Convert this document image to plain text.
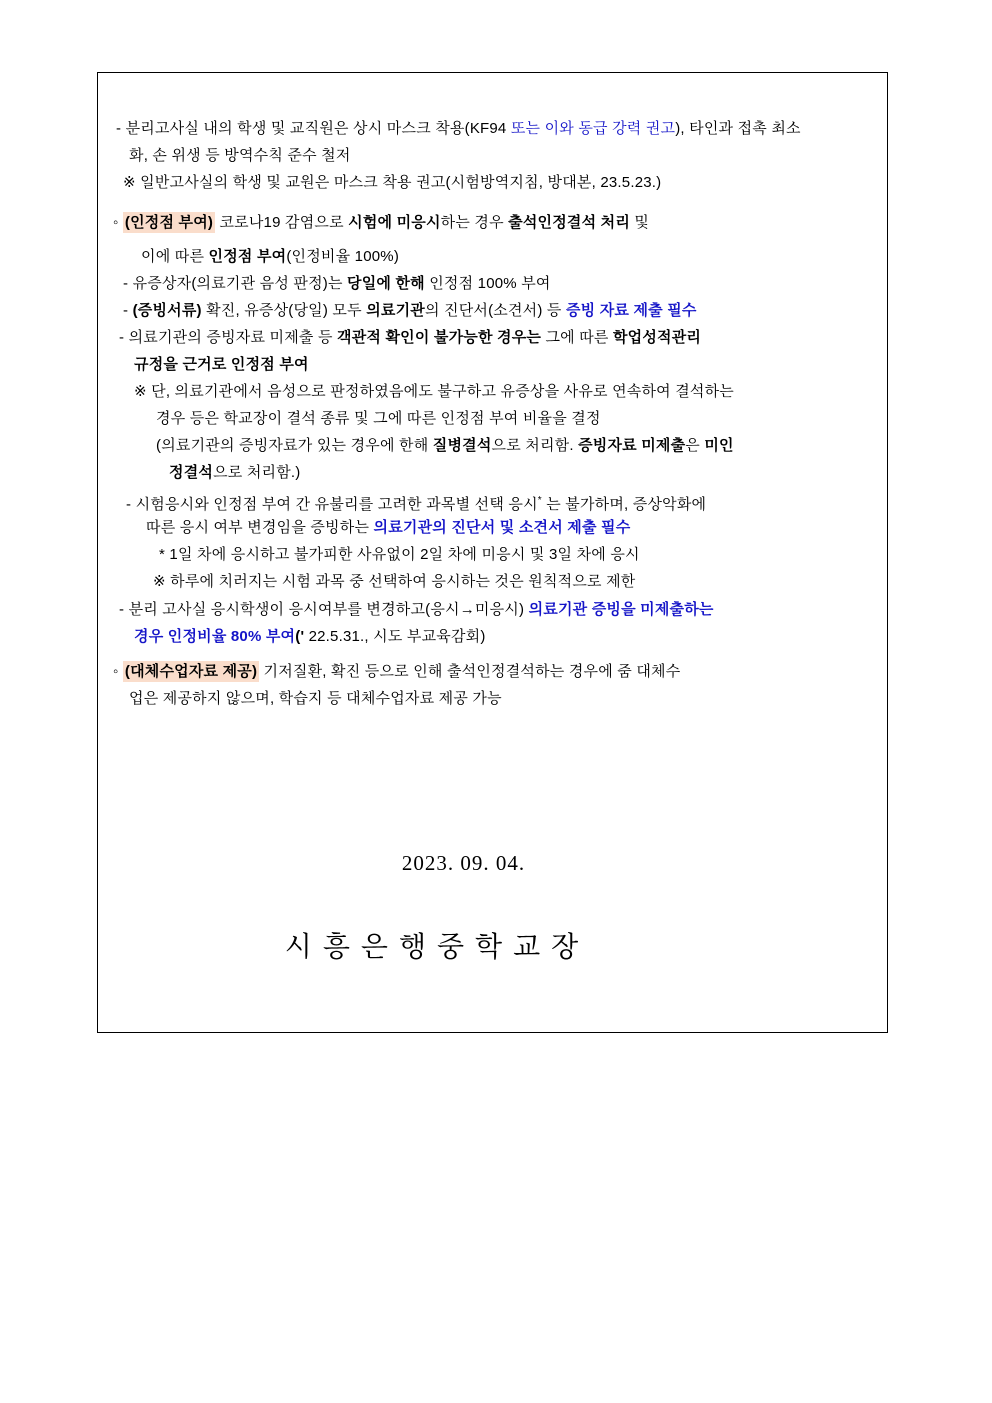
- 분리고사실 내의 학생 및 교직원은 상시 마스크 착용(KF94 또는 이와 동급 강력 권고), 타인과 접촉 최소
화, 손 위생 등 방역수칙 준수 철저
※ 일반고사실의 학생 및 교원은 마스크 착용 권고(시험방역지침, 방대본, 23.5.23.)
◦ (인정점 부여) 코로나19 감염으로 시험에 미응시하는 경우 출석인정결석 처리 및
이에 따른 인정점 부여(인정비율 100%)
- 유증상자(의료기관 음성 판정)는 당일에 한해 인정점 100% 부여
- (증빙서류) 확진, 유증상(당일) 모두 의료기관의 진단서(소견서) 등 증빙 자료 제출 필수
- 의료기관의 증빙자료 미제출 등 객관적 확인이 불가능한 경우는 그에 따른 학업성적관리
규정을 근거로 인정점 부여
※ 단, 의료기관에서 음성으로 판정하였음에도 불구하고 유증상을 사유로 연속하여 결석하는
경우 등은 학교장이 결석 종류 및 그에 따른 인정점 부여 비율을 결정
(의료기관의 증빙자료가 있는 경우에 한해 질병결석으로 처리함. 증빙자료 미제출은 미인
정결석으로 처리함.)
- 시험응시와 인정점 부여 간 유불리를 고려한 과목별 선택 응시* 는 불가하며, 증상악화에
따른 응시 여부 변경임을 증빙하는 의료기관의 진단서 및 소견서 제출 필수
* 1일 차에 응시하고 불가피한 사유없이 2일 차에 미응시 및 3일 차에 응시
※ 하루에 치러지는 시험 과목 중 선택하여 응시하는 것은 원칙적으로 제한
- 분리 고사실 응시학생이 응시여부를 변경하고(응시→미응시) 의료기관 증빙을 미제출하는
경우 인정비율 80% 부여(' 22.5.31., 시도 부교육감회)
◦ (대체수업자료 제공) 기저질환, 확진 등으로 인해 출석인정결석하는 경우에 줌 대체수
업은 제공하지 않으며, 학습지 등 대체수업자료 제공 가능
2023. 09. 04.
시 흥 은 행 중 학 교 장
